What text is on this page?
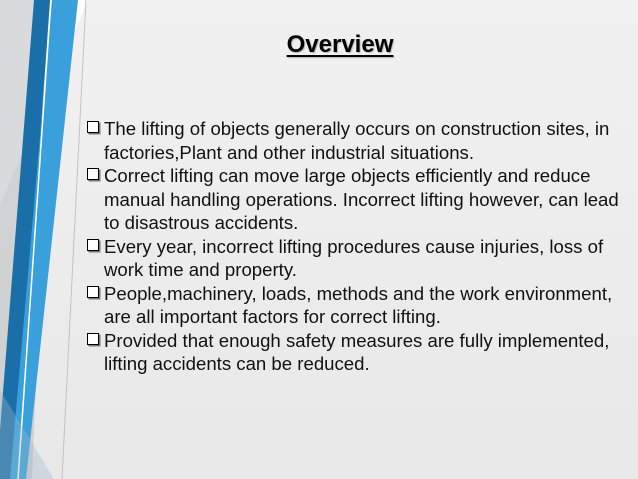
Overview
The lifting of objects generally occurs on construction sites, in factories,Plant and other industrial situations.
Correct lifting can move large objects efficiently and reduce manual handling operations. Incorrect lifting however, can lead to disastrous accidents.
Every year, incorrect lifting procedures cause injuries, loss of work time and property.
People,machinery, loads, methods and the work environment, are all important factors for correct lifting.
Provided that enough safety measures are fully implemented, lifting accidents can be reduced.
